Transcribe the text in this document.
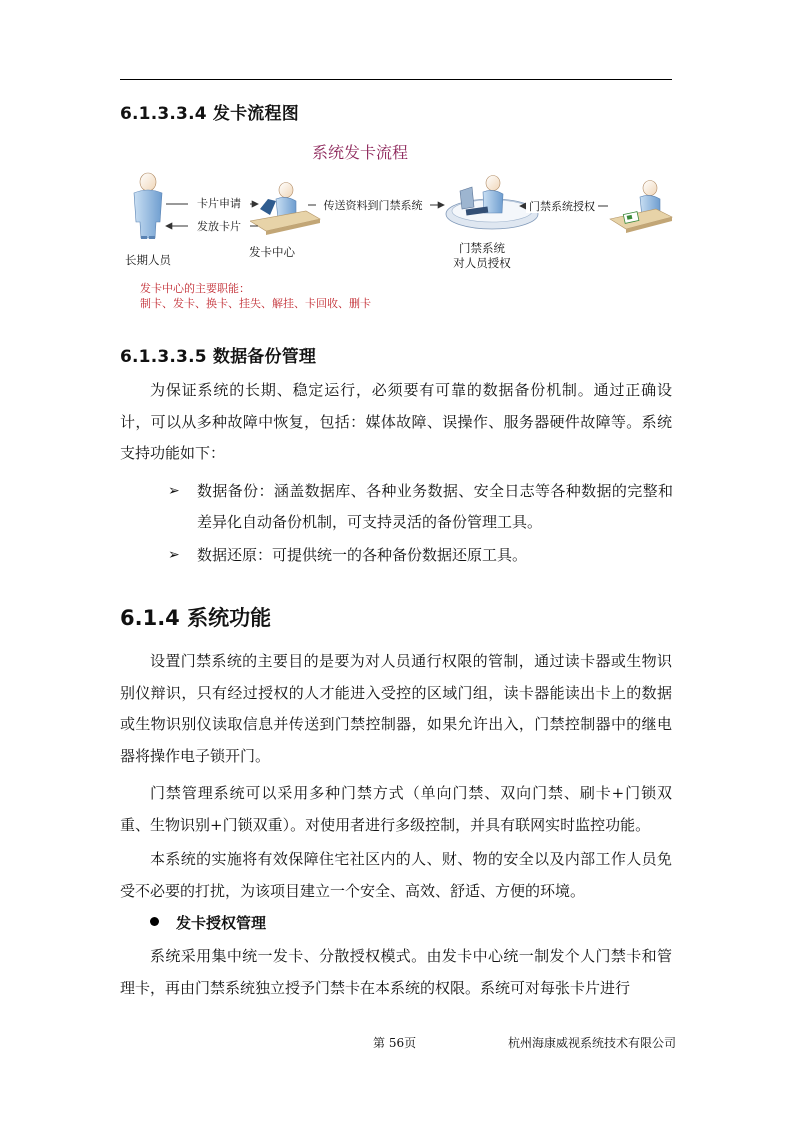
6.1.3.3.4 发卡流程图
系统发卡流程
卡片申请
发放卡片
传送资料到门禁系统	门禁系统授权
长期人员
发卡中心	门禁系统
对人员授权
发卡中心的主要职能：
制卡、发卡、换卡、挂失、解挂、卡回收、删卡
6.1.3.3.5 数据备份管理

为保证系统的长期、稳定运行，必须要有可靠的数据备份机制。通过正确设计，可以从多种故障中恢复，包括：媒体故障、误操作、服务器硬件故障等。系统支持功能如下：

➢ 数据备份：涵盖数据库、各种业务数据、安全日志等各种数据的完整和差异化自动备份机制，可支持灵活的备份管理工具。
➢ 数据还原：可提供统一的各种备份数据还原工具。
6.1.4 系统功能

设置门禁系统的主要目的是要为对人员通行权限的管制，通过读卡器或生物识别仪辩识，只有经过授权的人才能进入受控的区域门组，读卡器能读出卡上的数据或生物识别仪读取信息并传送到门禁控制器，如果允许出入，门禁控制器中的继电器将操作电子锁开门。

门禁管理系统可以采用多种门禁方式（单向门禁、双向门禁、刷卡+门锁双重、生物识别+门锁双重）。对使用者进行多级控制，并具有联网实时监控功能。

本系统的实施将有效保障住宅社区内的人、财、物的安全以及内部工作人员免受不必要的打扰，为该项目建立一个安全、高效、舒适、方便的环境。

发卡授权管理

系统采用集中统一发卡、分散授权模式。由发卡中心统一制发个人门禁卡和管理卡，再由门禁系统独立授予门禁卡在本系统的权限。系统可对每张卡片进行

第 56页	杭州海康威视系统技术有限公司
